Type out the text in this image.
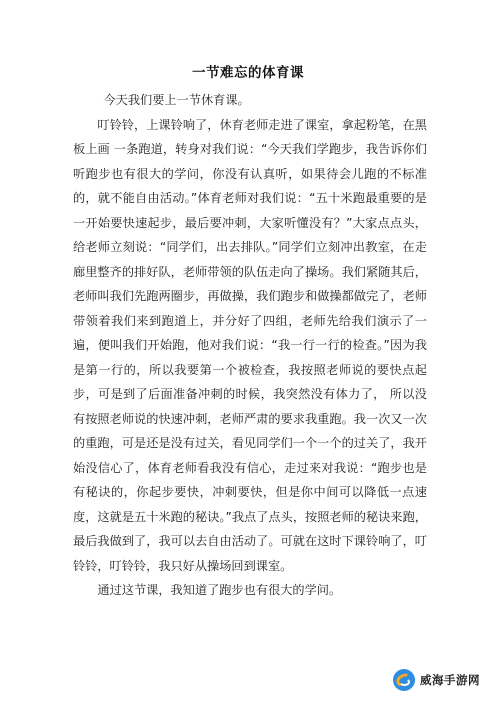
一节难忘的体育课

今天我们要上一节休育课。

叮铃铃，上课铃响了，休育老师走进了课室，拿起粉笔，在黑板上画 一条跑道，转身对我们说：“今天我们学跑步，我告诉你们听跑步也有很大的学问，你没有认真听，如果待会儿跑的不标准的，就不能自由活动。”体育老师对我们说：“五十米跑最重要的是一开始要快速起步，最后要冲刺，大家听懂没有？”大家点点头，给老师立刻说：“同学们，出去排队。”同学们立刻冲出教室，在走廊里整齐的排好队，老师带领的队伍走向了操场。我们紧随其后，老师叫我们先跑两圈步，再做操，我们跑步和做操都做完了，老师带领着我们来到跑道上，并分好了四组，老师先给我们演示了一遍，便叫我们开始跑，他对我们说：“我一行一行的检查。”因为我是第一行的，所以我要第一个被检查，我按照老师说的要快点起步，可是到了后面准备冲刺的时候，我突然没有体力了， 所以没有按照老师说的快速冲刺，老师严肃的要求我重跑。我一次又一次的重跑，可是还是没有过关，看见同学们一个一个的过关了，我开始没信心了，体育老师看我没有信心，走过来对我说：“跑步也是有秘诀的，你起步要快，冲刺要快，但是你中间可以降低一点速度，这就是五十米跑的秘诀。”我点了点头，按照老师的秘诀来跑，最后我做到了，我可以去自由活动了。可就在这时下课铃响了，叮铃铃，叮铃铃，我只好从操场回到课室。

通过这节课，我知道了跑步也有很大的学问。

威海手游网
